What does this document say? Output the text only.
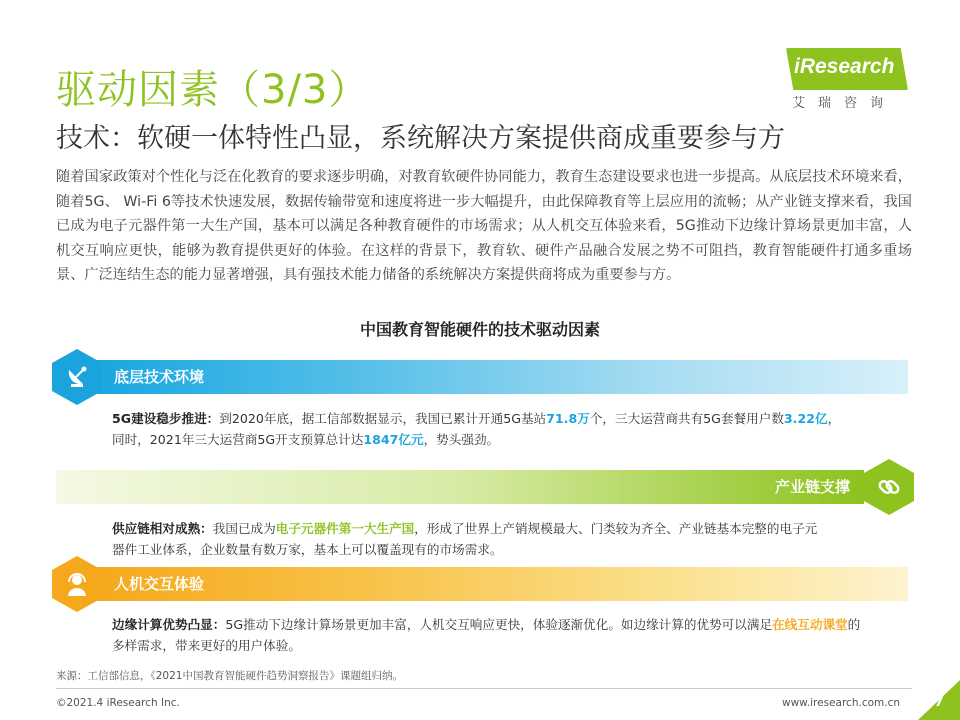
驱动因素（3/3）
iResearch
艾瑞咨询
技术：软硬一体特性凸显，系统解决方案提供商成重要参与方
随着国家政策对个性化与泛在化教育的要求逐步明确，对教育软硬件协同能力，教育生态建设要求也进一步提高。从底层技术环境来看，随着5G、 Wi-Fi 6等技术快速发展，数据传输带宽和速度将进一步大幅提升，由此保障教育等上层应用的流畅；从产业链支撑来看，我国已成为电子元器件第一大生产国，基本可以满足各种教育硬件的市场需求；从人机交互体验来看，5G推动下边缘计算场景更加丰富，人机交互响应更快，能够为教育提供更好的体验。在这样的背景下，教育软、硬件产品融合发展之势不可阻挡，教育智能硬件打通多重场景、广泛连结生态的能力显著增强，具有强技术能力储备的系统解决方案提供商将成为重要参与方。
中国教育智能硬件的技术驱动因素
底层技术环境
5G建设稳步推进：到2020年底，据工信部数据显示，我国已累计开通5G基站71.8万个，三大运营商共有5G套餐用户数3.22亿，
同时，2021年三大运营商5G开支预算总计达1847亿元，势头强劲。
产业链支撑
供应链相对成熟：我国已成为电子元器件第一大生产国，形成了世界上产销规模最大、门类较为齐全、产业链基本完整的电子元
器件工业体系，企业数量有数万家，基本上可以覆盖现有的市场需求。
人机交互体验
边缘计算优势凸显：5G推动下边缘计算场景更加丰富，人机交互响应更快，体验逐渐优化。如边缘计算的优势可以满足在线互动课堂的多样需求，带来更好的用户体验。
来源：工信部信息，《2021中国教育智能硬件趋势洞察报告》课题组归纳。
©2021.4 iResearch Inc.	www.iresearch.com.cn 7
